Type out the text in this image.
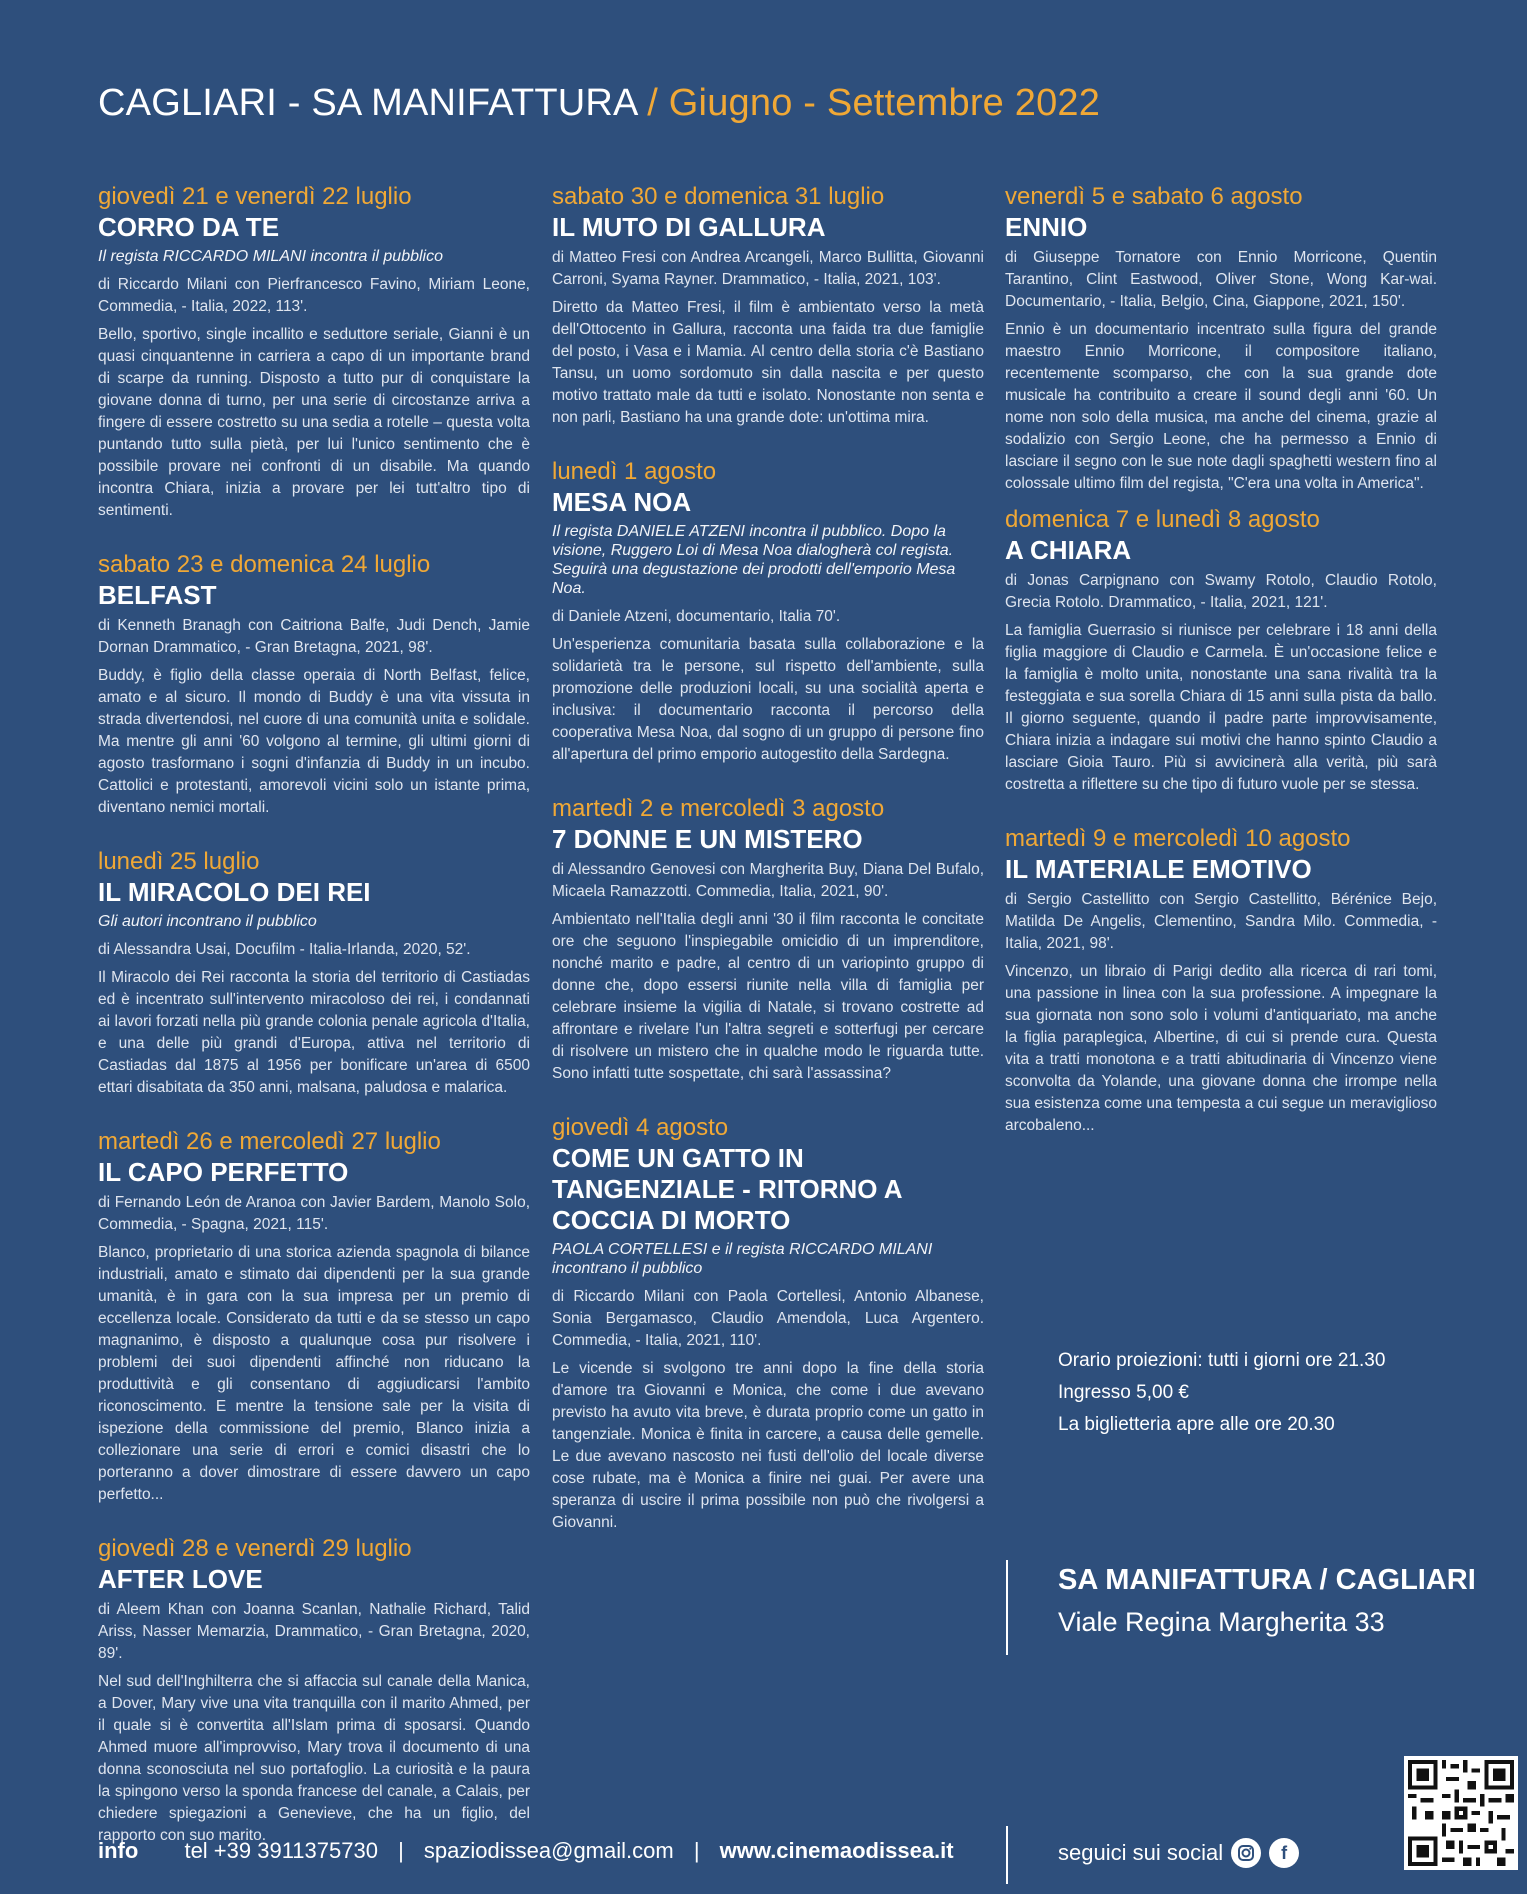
CAGLIARI - SA MANIFATTURA / Giugno - Settembre 2022
giovedì 21 e venerdì 22 luglio
CORRO DA TE
Il regista RICCARDO MILANI incontra il pubblico
di Riccardo Milani con Pierfrancesco Favino, Miriam Leone, Commedia, - Italia, 2022, 113'.
Bello, sportivo, single incallito e seduttore seriale, Gianni è un quasi cinquantenne in carriera a capo di un importante brand di scarpe da running. Disposto a tutto pur di conquistare la giovane donna di turno, per una serie di circostanze arriva a fingere di essere costretto su una sedia a rotelle – questa volta puntando tutto sulla pietà, per lui l'unico sentimento che è possibile provare nei confronti di un disabile. Ma quando incontra Chiara, inizia a provare per lei tutt'altro tipo di sentimenti.
sabato 23 e domenica 24 luglio
BELFAST
di Kenneth Branagh con Caitriona Balfe, Judi Dench, Jamie Dornan Drammatico, - Gran Bretagna, 2021, 98'.
Buddy, è figlio della classe operaia di North Belfast, felice, amato e al sicuro. Il mondo di Buddy è una vita vissuta in strada divertendosi, nel cuore di una comunità unita e solidale. Ma mentre gli anni '60 volgono al termine, gli ultimi giorni di agosto trasformano i sogni d'infanzia di Buddy in un incubo. Cattolici e protestanti, amorevoli vicini solo un istante prima, diventano nemici mortali.
lunedì 25 luglio
IL MIRACOLO DEI REI
Gli autori incontrano il pubblico
di Alessandra Usai, Docufilm - Italia-Irlanda, 2020, 52'.
Il Miracolo dei Rei racconta la storia del territorio di Castiadas ed è incentrato sull'intervento miracoloso dei rei, i condannati ai lavori forzati nella più grande colonia penale agricola d'Italia, e una delle più grandi d'Europa, attiva nel territorio di Castiadas dal 1875 al 1956 per bonificare un'area di 6500 ettari disabitata da 350 anni, malsana, paludosa e malarica.
martedì 26 e mercoledì 27 luglio
IL CAPO PERFETTO
di Fernando León de Aranoa con Javier Bardem, Manolo Solo, Commedia, - Spagna, 2021, 115'.
Blanco, proprietario di una storica azienda spagnola di bilance industriali, amato e stimato dai dipendenti per la sua grande umanità, è in gara con la sua impresa per un premio di eccellenza locale. Considerato da tutti e da se stesso un capo magnanimo, è disposto a qualunque cosa pur risolvere i problemi dei suoi dipendenti affinché non riducano la produttività e gli consentano di aggiudicarsi l'ambito riconoscimento. E mentre la tensione sale per la visita di ispezione della commissione del premio, Blanco inizia a collezionare una serie di errori e comici disastri che lo porteranno a dover dimostrare di essere davvero un capo perfetto...
giovedì 28 e venerdì 29 luglio
AFTER LOVE
di Aleem Khan con Joanna Scanlan, Nathalie Richard, Talid Ariss, Nasser Memarzia, Drammatico, - Gran Bretagna, 2020, 89'.
Nel sud dell'Inghilterra che si affaccia sul canale della Manica, a Dover, Mary vive una vita tranquilla con il marito Ahmed, per il quale si è convertita all'Islam prima di sposarsi. Quando Ahmed muore all'improvviso, Mary trova il documento di una donna sconosciuta nel suo portafoglio. La curiosità e la paura la spingono verso la sponda francese del canale, a Calais, per chiedere spiegazioni a Genevieve, che ha un figlio, del rapporto con suo marito.
sabato 30 e domenica 31 luglio
IL MUTO DI GALLURA
di Matteo Fresi con Andrea Arcangeli, Marco Bullitta, Giovanni Carroni, Syama Rayner. Drammatico, - Italia, 2021, 103'.
Diretto da Matteo Fresi, il film è ambientato verso la metà dell'Ottocento in Gallura, racconta una faida tra due famiglie del posto, i Vasa e i Mamia. Al centro della storia c'è Bastiano Tansu, un uomo sordomuto sin dalla nascita e per questo motivo trattato male da tutti e isolato. Nonostante non senta e non parli, Bastiano ha una grande dote: un'ottima mira.
lunedì 1 agosto
MESA NOA
Il regista DANIELE ATZENI incontra il pubblico. Dopo la visione, Ruggero Loi di Mesa Noa dialogherà col regista. Seguirà una degustazione dei prodotti dell'emporio Mesa Noa.
di Daniele Atzeni, documentario, Italia 70'.
Un'esperienza comunitaria basata sulla collaborazione e la solidarietà tra le persone, sul rispetto dell'ambiente, sulla promozione delle produzioni locali, su una socialità aperta e inclusiva: il documentario racconta il percorso della cooperativa Mesa Noa, dal sogno di un gruppo di persone fino all'apertura del primo emporio autogestito della Sardegna.
martedì 2 e mercoledì 3 agosto
7 DONNE E UN MISTERO
di Alessandro Genovesi con Margherita Buy, Diana Del Bufalo, Micaela Ramazzotti. Commedia, Italia, 2021, 90'.
Ambientato nell'Italia degli anni '30 il film racconta le concitate ore che seguono l'inspiegabile omicidio di un imprenditore, nonché marito e padre, al centro di un variopinto gruppo di donne che, dopo essersi riunite nella villa di famiglia per celebrare insieme la vigilia di Natale, si trovano costrette ad affrontare e rivelare l'un l'altra segreti e sotterfugi per cercare di risolvere un mistero che in qualche modo le riguarda tutte. Sono infatti tutte sospettate, chi sarà l'assassina?
giovedì 4 agosto
COME UN GATTO IN TANGENZIALE - RITORNO A COCCIA DI MORTO
PAOLA CORTELLESI e il regista RICCARDO MILANI incontrano il pubblico
di Riccardo Milani con Paola Cortellesi, Antonio Albanese, Sonia Bergamasco, Claudio Amendola, Luca Argentero. Commedia, - Italia, 2021, 110'.
Le vicende si svolgono tre anni dopo la fine della storia d'amore tra Giovanni e Monica, che come i due avevano previsto ha avuto vita breve, è durata proprio come un gatto in tangenziale. Monica è finita in carcere, a causa delle gemelle. Le due avevano nascosto nei fusti dell'olio del locale diverse cose rubate, ma è Monica a finire nei guai. Per avere una speranza di uscire il prima possibile non può che rivolgersi a Giovanni.
venerdì 5 e sabato 6 agosto
ENNIO
di Giuseppe Tornatore con Ennio Morricone, Quentin Tarantino, Clint Eastwood, Oliver Stone, Wong Kar-wai. Documentario, - Italia, Belgio, Cina, Giappone, 2021, 150'.
Ennio è un documentario incentrato sulla figura del grande maestro Ennio Morricone, il compositore italiano, recentemente scomparso, che con la sua grande dote musicale ha contribuito a creare il sound degli anni '60. Un nome non solo della musica, ma anche del cinema, grazie al sodalizio con Sergio Leone, che ha permesso a Ennio di lasciare il segno con le sue note dagli spaghetti western fino al colossale ultimo film del regista, "C'era una volta in America".
domenica 7 e lunedì 8 agosto
A CHIARA
di Jonas Carpignano con Swamy Rotolo, Claudio Rotolo, Grecia Rotolo. Drammatico, - Italia, 2021, 121'.
La famiglia Guerrasio si riunisce per celebrare i 18 anni della figlia maggiore di Claudio e Carmela. È un'occasione felice e la famiglia è molto unita, nonostante una sana rivalità tra la festeggiata e sua sorella Chiara di 15 anni sulla pista da ballo. Il giorno seguente, quando il padre parte improvvisamente, Chiara inizia a indagare sui motivi che hanno spinto Claudio a lasciare Gioia Tauro. Più si avvicinerà alla verità, più sarà costretta a riflettere su che tipo di futuro vuole per se stessa.
martedì 9 e mercoledì 10 agosto
IL MATERIALE EMOTIVO
di Sergio Castellitto con Sergio Castellitto, Bérénice Bejo, Matilda De Angelis, Clementino, Sandra Milo. Commedia, - Italia, 2021, 98'.
Vincenzo, un libraio di Parigi dedito alla ricerca di rari tomi, una passione in linea con la sua professione. A impegnare la sua giornata non sono solo i volumi d'antiquariato, ma anche la figlia paraplegica, Albertine, di cui si prende cura. Questa vita a tratti monotona e a tratti abitudinaria di Vincenzo viene sconvolta da Yolande, una giovane donna che irrompe nella sua esistenza come una tempesta a cui segue un meraviglioso arcobaleno...
Orario proiezioni: tutti i giorni ore 21.30
Ingresso 5,00 €
La biglietteria apre alle ore 20.30
SA MANIFATTURA / CAGLIARI
Viale Regina Margherita 33
info tel +39 3911375730 | spaziodissea@gmail.com | www.cinemaodissea.it	seguici sui social	f
